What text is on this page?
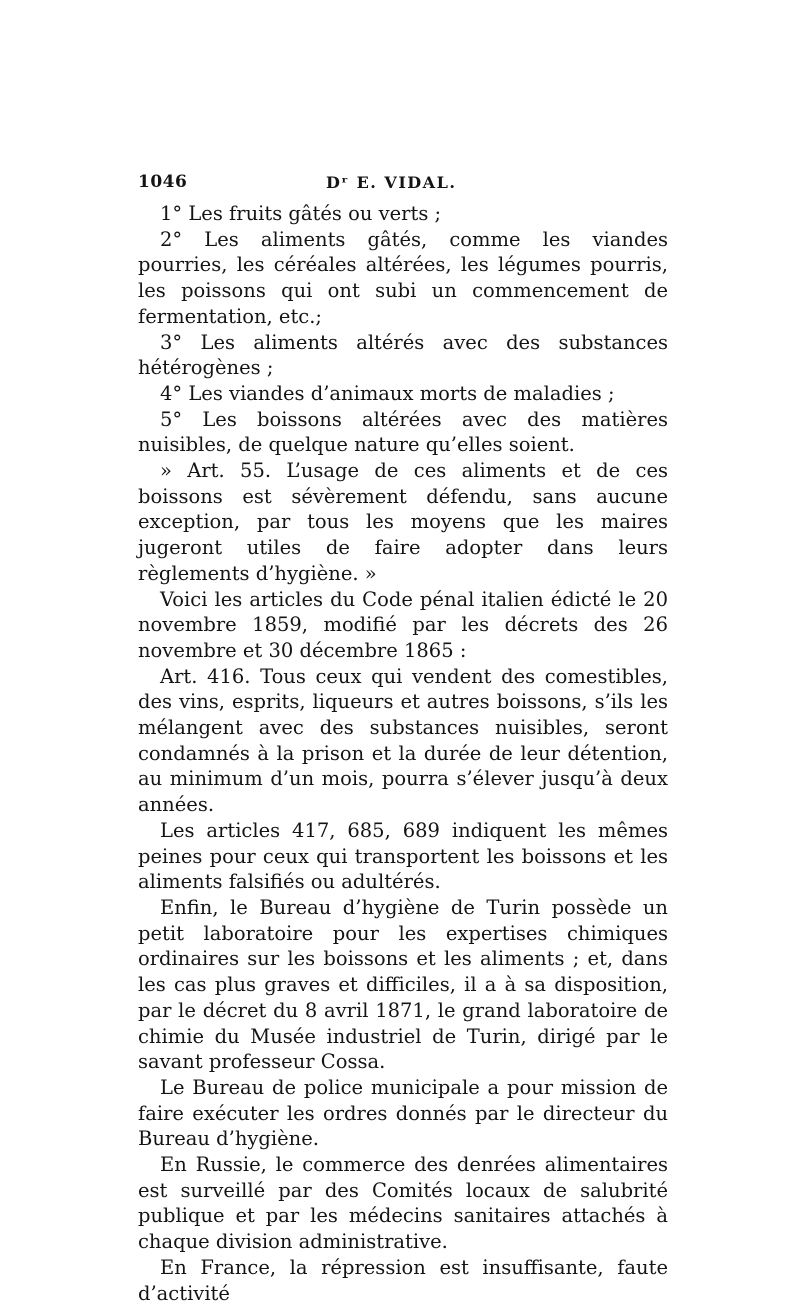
1046	Dʳ E. VIDAL.

1° Les fruits gâtés ou verts ;

2° Les aliments gâtés, comme les viandes pourries, les céréales altérées, les légumes pourris, les poissons qui ont subi un commencement de fermentation, etc.;

3° Les aliments altérés avec des substances hétérogènes ;

4° Les viandes d’animaux morts de maladies ;

5° Les boissons altérées avec des matières nuisibles, de quelque nature qu’elles soient.

» Art. 55. L’usage de ces aliments et de ces boissons est sévèrement défendu, sans aucune exception, par tous les moyens que les maires jugeront utiles de faire adopter dans leurs règlements d’hygiène. »

Voici les articles du Code pénal italien édicté le 20 novembre 1859, modifié par les décrets des 26 novembre et 30 décembre 1865 :

Art. 416. Tous ceux qui vendent des comestibles, des vins, esprits, liqueurs et autres boissons, s’ils les mélangent avec des substances nuisibles, seront condamnés à la prison et la durée de leur détention, au minimum d’un mois, pourra s’élever jusqu’à deux années.

Les articles 417, 685, 689 indiquent les mêmes peines pour ceux qui transportent les boissons et les aliments falsifiés ou adultérés.

Enfin, le Bureau d’hygiène de Turin possède un petit laboratoire pour les expertises chimiques ordinaires sur les boissons et les aliments ; et, dans les cas plus graves et difficiles, il a à sa disposition, par le décret du 8 avril 1871, le grand laboratoire de chimie du Musée industriel de Turin, dirigé par le savant professeur Cossa.

Le Bureau de police municipale a pour mission de faire exécuter les ordres donnés par le directeur du Bureau d’hygiène.

En Russie, le commerce des denrées alimentaires est surveillé par des Comités locaux de salubrité publique et par les médecins sanitaires attachés à chaque division administrative.

En France, la répression est insuffisante, faute d’activité
